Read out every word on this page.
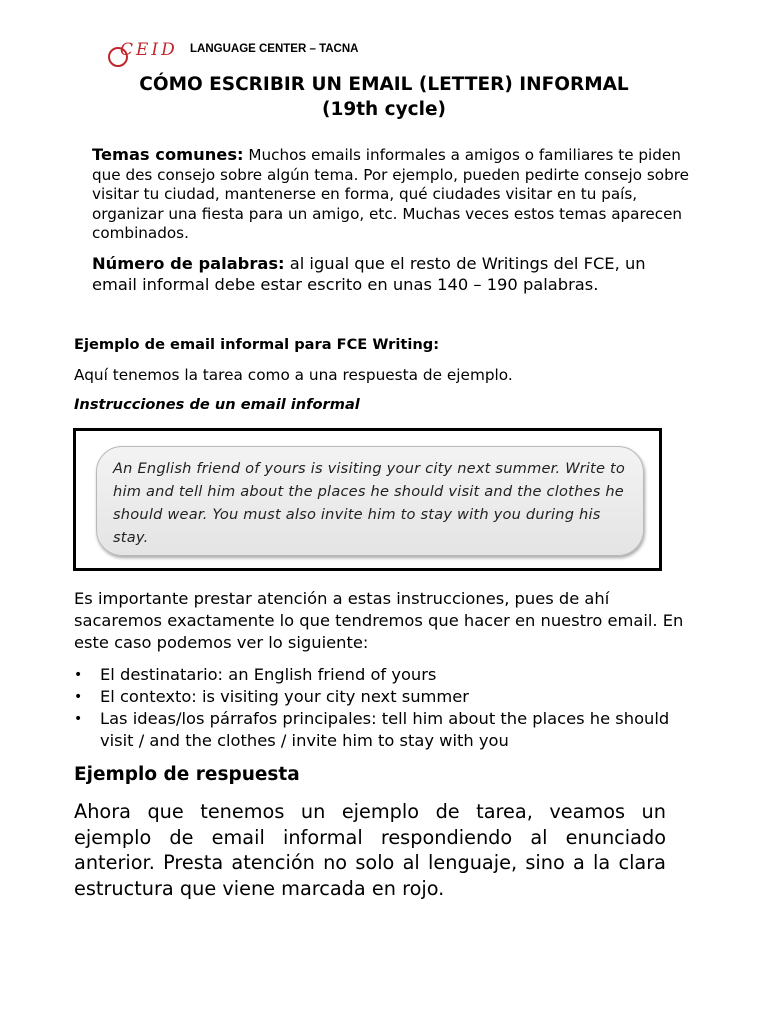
CEID LANGUAGE CENTER – TACNA
CÓMO ESCRIBIR UN EMAIL (LETTER) INFORMAL
(19th cycle)
Temas comunes: Muchos emails informales a amigos o familiares te piden que des consejo sobre algún tema. Por ejemplo, pueden pedirte consejo sobre visitar tu ciudad, mantenerse en forma, qué ciudades visitar en tu país, organizar una fiesta para un amigo, etc. Muchas veces estos temas aparecen combinados.
Número de palabras: al igual que el resto de Writings del FCE, un email informal debe estar escrito en unas 140 – 190 palabras.
Ejemplo de email informal para FCE Writing:
Aquí tenemos la tarea como a una respuesta de ejemplo.
Instrucciones de un email informal
An English friend of yours is visiting your city next summer. Write to him and tell him about the places he should visit and the clothes he should wear. You must also invite him to stay with you during his stay.
Es importante prestar atención a estas instrucciones, pues de ahí sacaremos exactamente lo que tendremos que hacer en nuestro email. En este caso podemos ver lo siguiente:
• El destinatario: an English friend of yours
• El contexto: is visiting your city next summer
• Las ideas/los párrafos principales: tell him about the places he should visit / and the clothes / invite him to stay with you
Ejemplo de respuesta
Ahora que tenemos un ejemplo de tarea, veamos un ejemplo de email informal respondiendo al enunciado anterior. Presta atención no solo al lenguaje, sino a la clara estructura que viene marcada en rojo.
